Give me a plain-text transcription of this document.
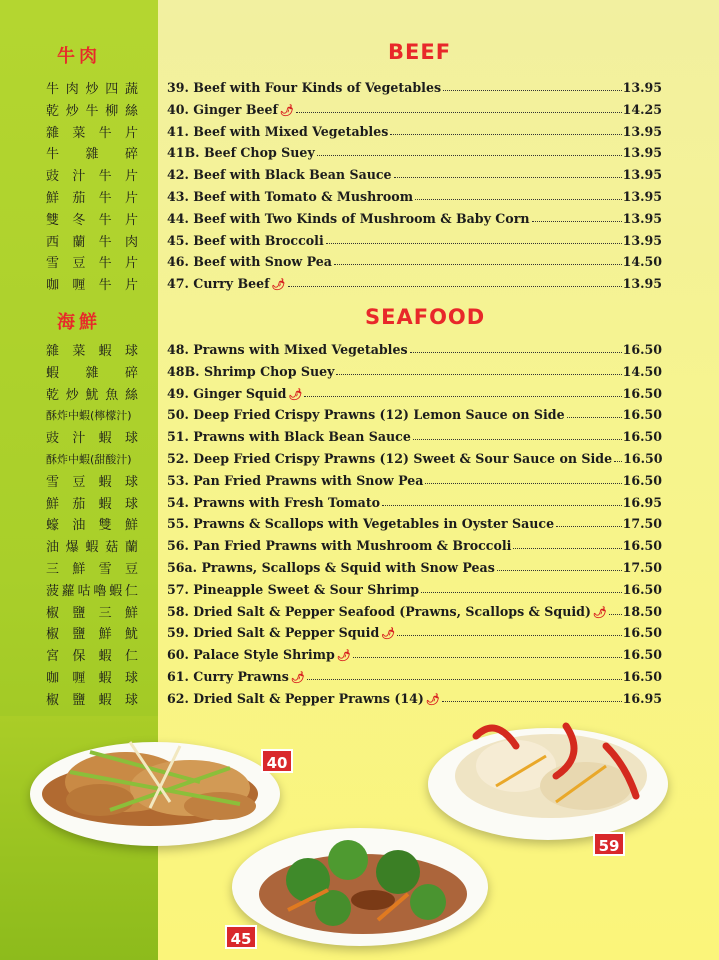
牛肉
牛 肉 炒 四 蔬
乾 炒 牛 柳 絲
雜 菜 牛 片
牛 雜 碎
豉 汁 牛 片
鮮 茄 牛 片
雙 冬 牛 片
西 蘭 牛 肉
雪 豆 牛 片
咖 喱 牛 片
海鮮
雜 菜 蝦 球
蝦 雜 碎
乾 炒 魷 魚 絲
酥炸中蝦(檸檬汁)
豉 汁 蝦 球
酥炸中蝦(甜酸汁)
雪 豆 蝦 球
鮮 茄 蝦 球
蠔 油 雙 鮮
油 爆 蝦 菇 蘭
三 鮮 雪 豆
菠 蘿 咕 嚕 蝦 仁
椒 鹽 三 鮮
椒 鹽 鮮 魷
宮 保 蝦 仁
咖 喱 蝦 球
椒 鹽 蝦 球
BEEF
39. Beef with Four Kinds of Vegetables	13.95
40. Ginger Beef 🌶	14.25
41. Beef with Mixed Vegetables	13.95
41B. Beef Chop Suey	13.95
42. Beef with Black Bean Sauce	13.95
43. Beef with Tomato & Mushroom	13.95
44. Beef with Two Kinds of Mushroom & Baby Corn	13.95
45. Beef with Broccoli	13.95
46. Beef with Snow Pea	14.50
47. Curry Beef 🌶	13.95
SEAFOOD
48. Prawns with Mixed Vegetables	16.50
48B. Shrimp Chop Suey	14.50
49. Ginger Squid 🌶	16.50
50. Deep Fried Crispy Prawns (12) Lemon Sauce on Side	16.50
51. Prawns with Black Bean Sauce	16.50
52. Deep Fried Crispy Prawns (12) Sweet & Sour Sauce on Side 16.50
53. Pan Fried Prawns with Snow Pea	16.50
54. Prawns with Fresh Tomato	16.95
55. Prawns & Scallops with Vegetables in Oyster Sauce	17.50
56. Pan Fried Prawns with Mushroom & Broccoli	16.50
56a. Prawns, Scallops & Squid with Snow Peas	17.50
57. Pineapple Sweet & Sour Shrimp	16.50
58. Dried Salt & Pepper Seafood (Prawns, Scallops & Squid) 🌶 18.50
59. Dried Salt & Pepper Squid 🌶	16.50
60. Palace Style Shrimp 🌶	16.50
61. Curry Prawns 🌶	16.50
62. Dried Salt & Pepper Prawns (14) 🌶	16.95
40
59
45
